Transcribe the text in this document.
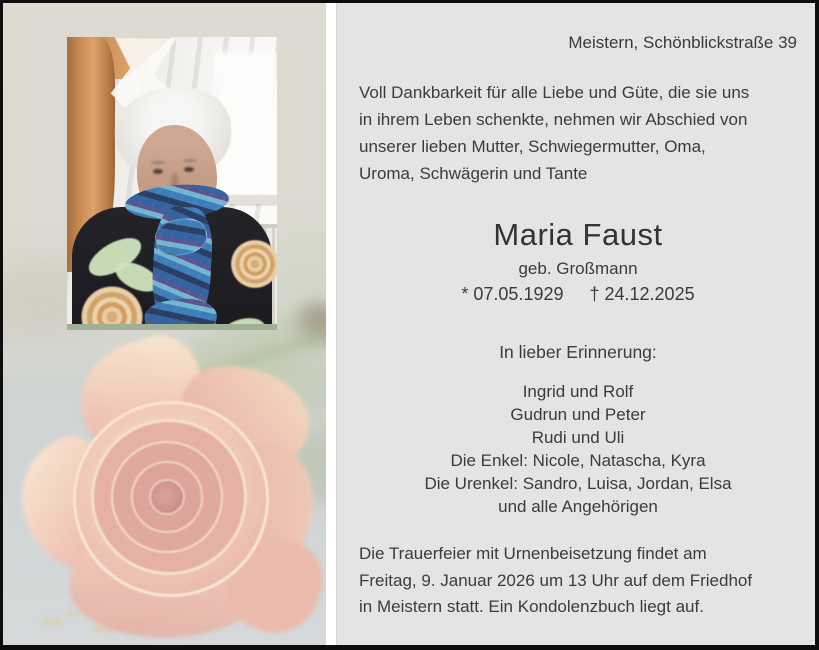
Meistern, Schönblickstraße 39
Voll Dankbarkeit für alle Liebe und Güte, die sie uns
in ihrem Leben schenkte, nehmen wir Abschied von
unserer lieben Mutter, Schwiegermutter, Oma,
Uroma, Schwägerin und Tante
Maria Faust
geb. Großmann
* 07.05.1929 † 24.12.2025
In lieber Erinnerung:
Ingrid und Rolf
Gudrun und Peter
Rudi und Uli
Die Enkel: Nicole, Natascha, Kyra
Die Urenkel: Sandro, Luisa, Jordan, Elsa
und alle Angehörigen
Die Trauerfeier mit Urnenbeisetzung findet am
Freitag, 9. Januar 2026 um 13 Uhr auf dem Friedhof
in Meistern statt. Ein Kondolenzbuch liegt auf.
